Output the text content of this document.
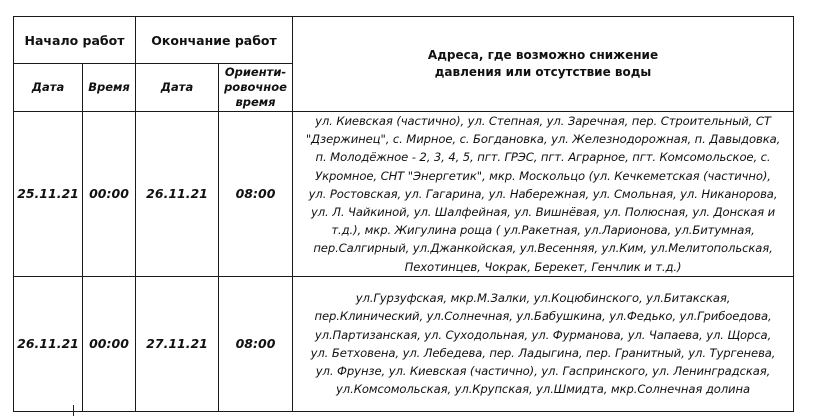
Начало работ		Окончание работ		Адреса, где возможно снижение
давления или отсутствие воды

Дата	Время	Дата	Ориенти-
ровочное
время	

25.11.21	00:00	26.11.21	08:00	
ул. Киевская (частично), ул. Степная, ул. Заречная, пер. Строительный, СТ
"Дзержинец", с. Мирное, с. Богдановка, ул. Железнодорожная, п. Давыдовка,
п. Молодёжное - 2, 3, 4, 5, пгт. ГРЭС, пгт. Аграрное, пгт. Комсомольское, с.
Укромное, СНТ "Энергетик", мкр. Москольцо (ул. Кечкеметская (частично),
ул. Ростовская, ул. Гагарина, ул. Набережная, ул. Смольная, ул. Никанорова,
ул. Л. Чайкиной, ул. Шалфейная, ул. Вишнёвая, ул. Полюсная, ул. Донская и
т.д.), мкр. Жигулина роща ( ул.Ракетная, ул.Ларионова, ул.Битумная,
пер.Салгирный, ул.Джанкойская, ул.Весенняя, ул.Ким, ул.Мелитопольская,
Пехотинцев, Чокрак, Берекет, Генчлик и т.д.)

26.11.21	00:00	27.11.21	08:00	
ул.Гурзуфская, мкр.М.Залки, ул.Коцюбинского, ул.Битакская,
пер.Клинический, ул.Солнечная, ул.Бабушкина, ул.Федько, ул.Грибоедова,
ул.Партизанская, ул. Суходольная, ул. Фурманова, ул. Чапаева, ул. Щорса,
ул. Бетховена, ул. Лебедева, пер. Ладыгина, пер. Гранитный, ул. Тургенева,
ул. Фрунзе, ул. Киевская (частично), ул. Гаспринского, ул. Ленинградская,
ул.Комсомольская, ул.Крупская, ул.Шмидта, мкр.Солнечная долина
